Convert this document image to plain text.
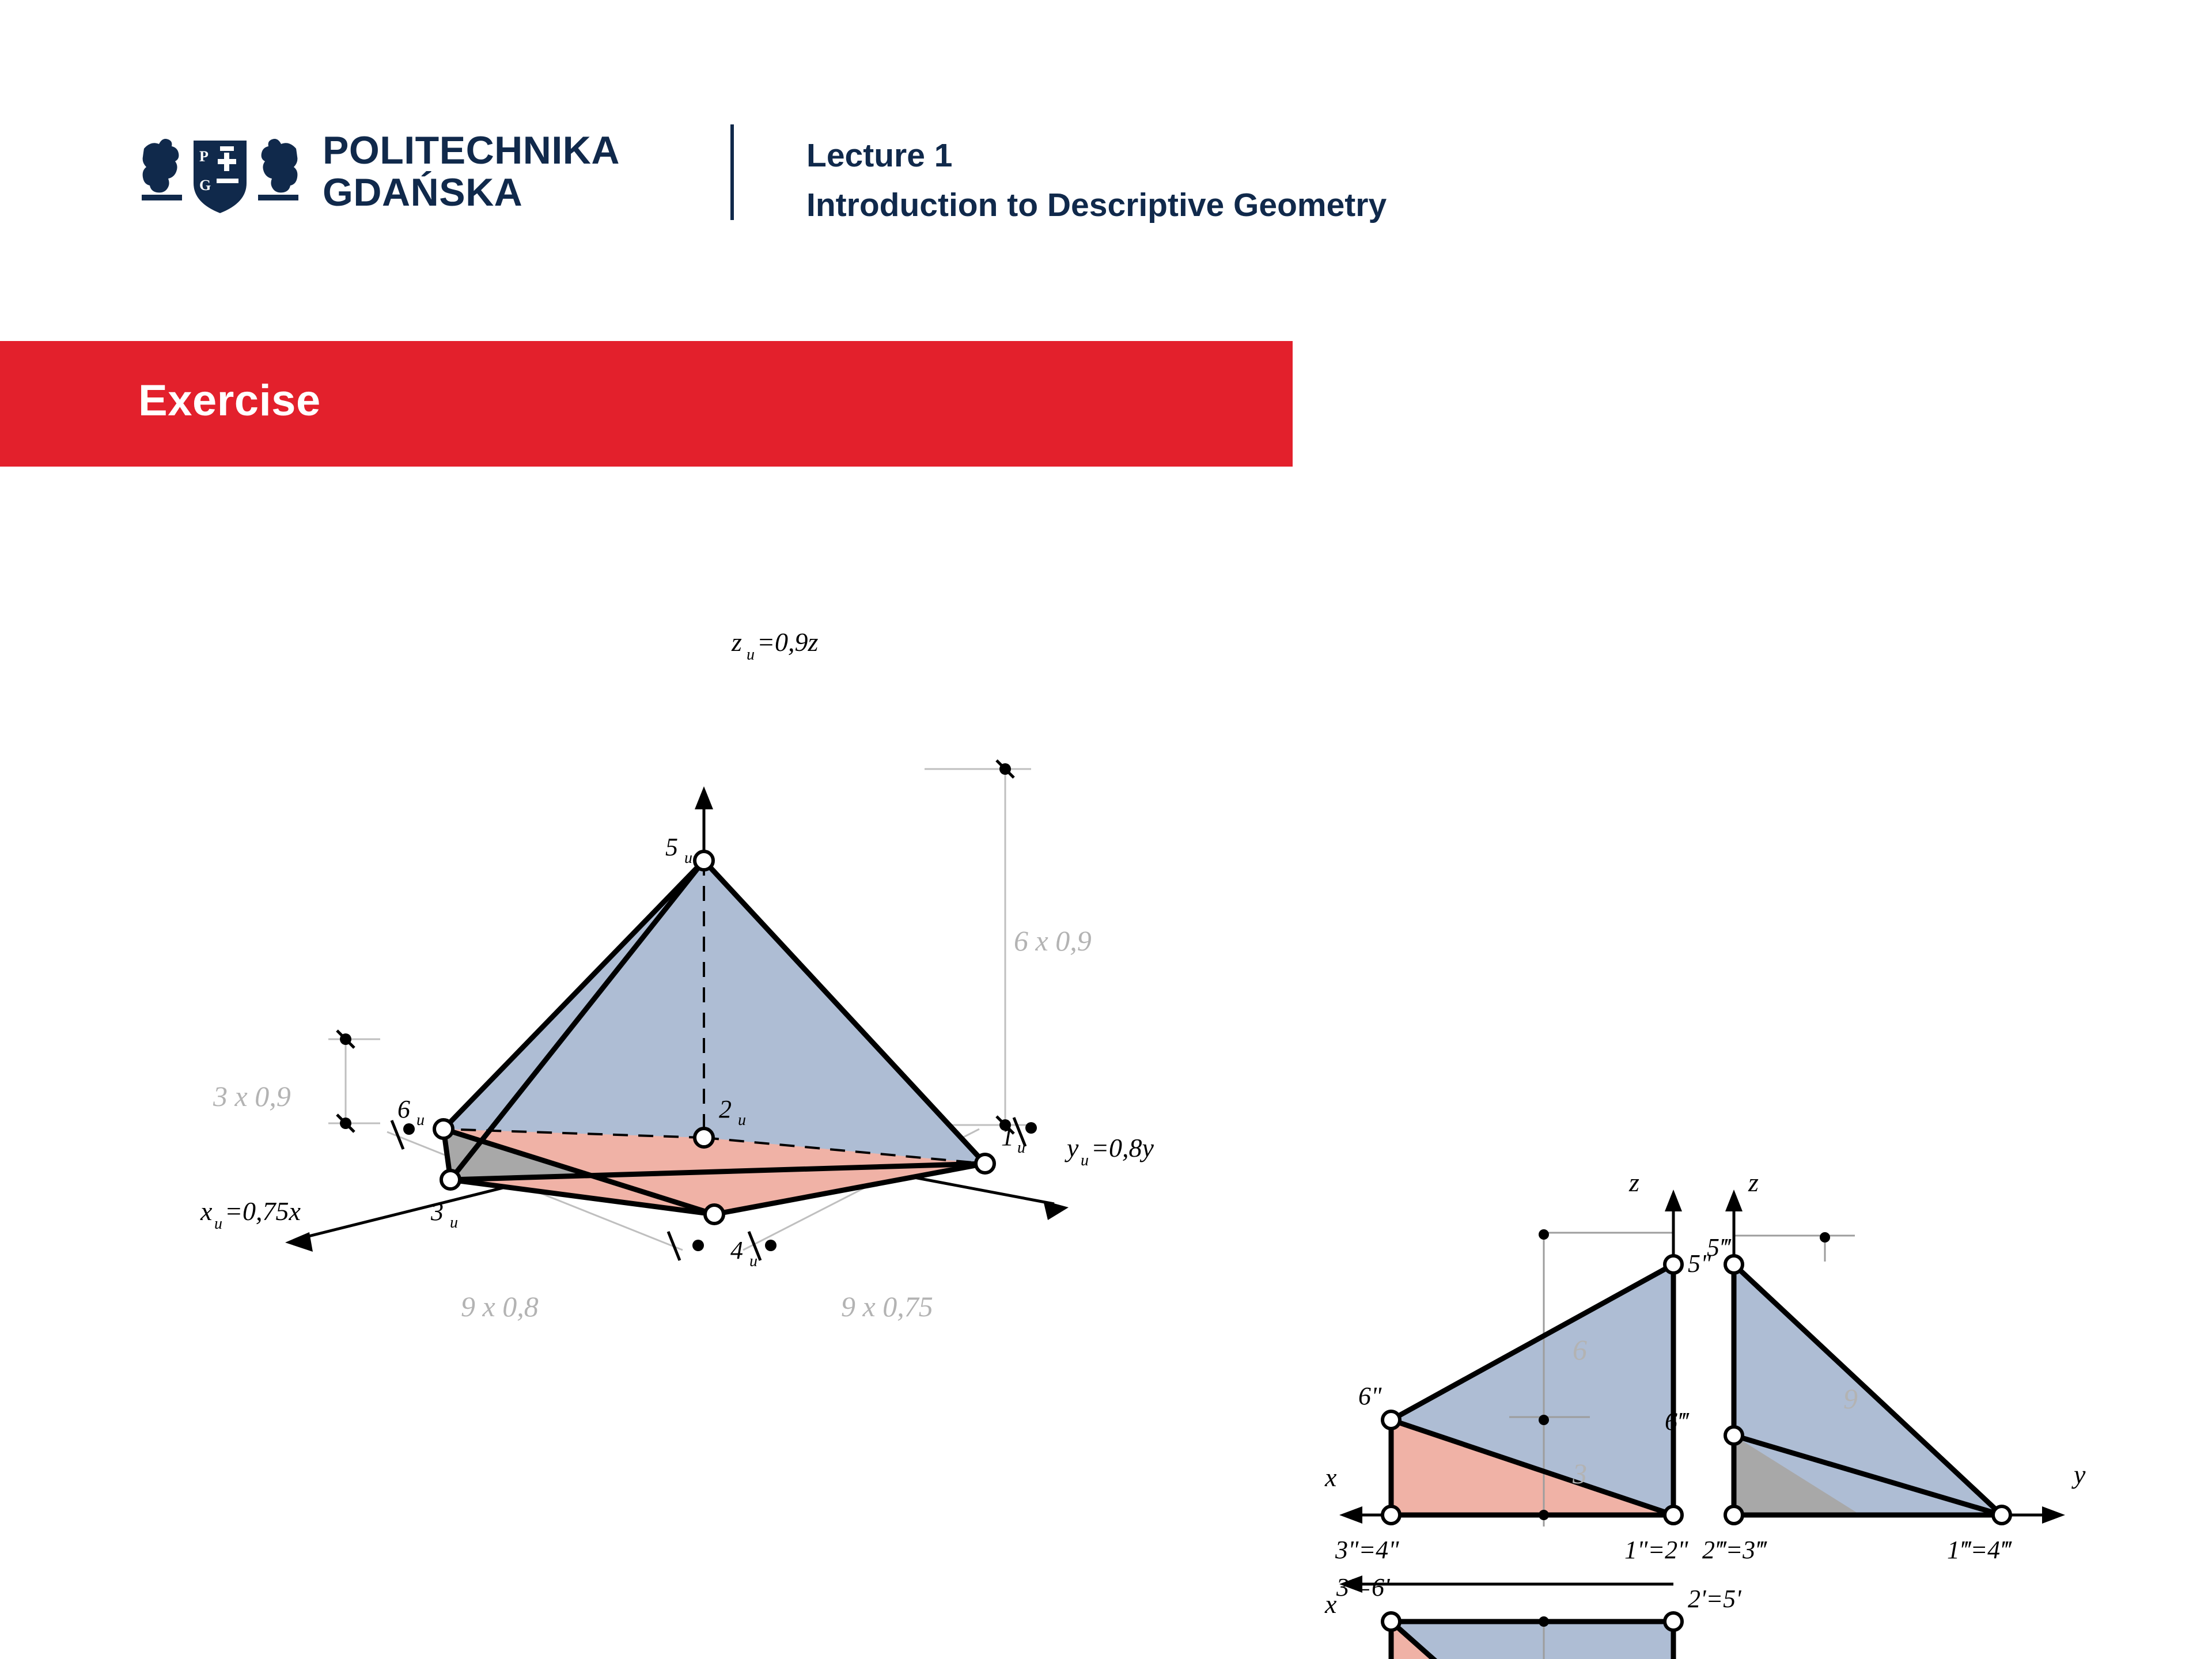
P
G
POLITECHNIKA
GDAŃSKA
Lecture 1
Introduction to Descriptive Geometry
Exercise
5 u
2 u
6 u
1 u
3 u
4 u
z u =0,9z
y u =0,8y
x u =0,75x
6 x 0,9
3 x 0,9
9 x 0,8	9 x 0,75
z
x
5"
6"
3"=4"	1"=2"
6
3
z
y
5‴
6‴
2‴=3‴	1‴=4‴
9
x
3'=6'	2'=5'
